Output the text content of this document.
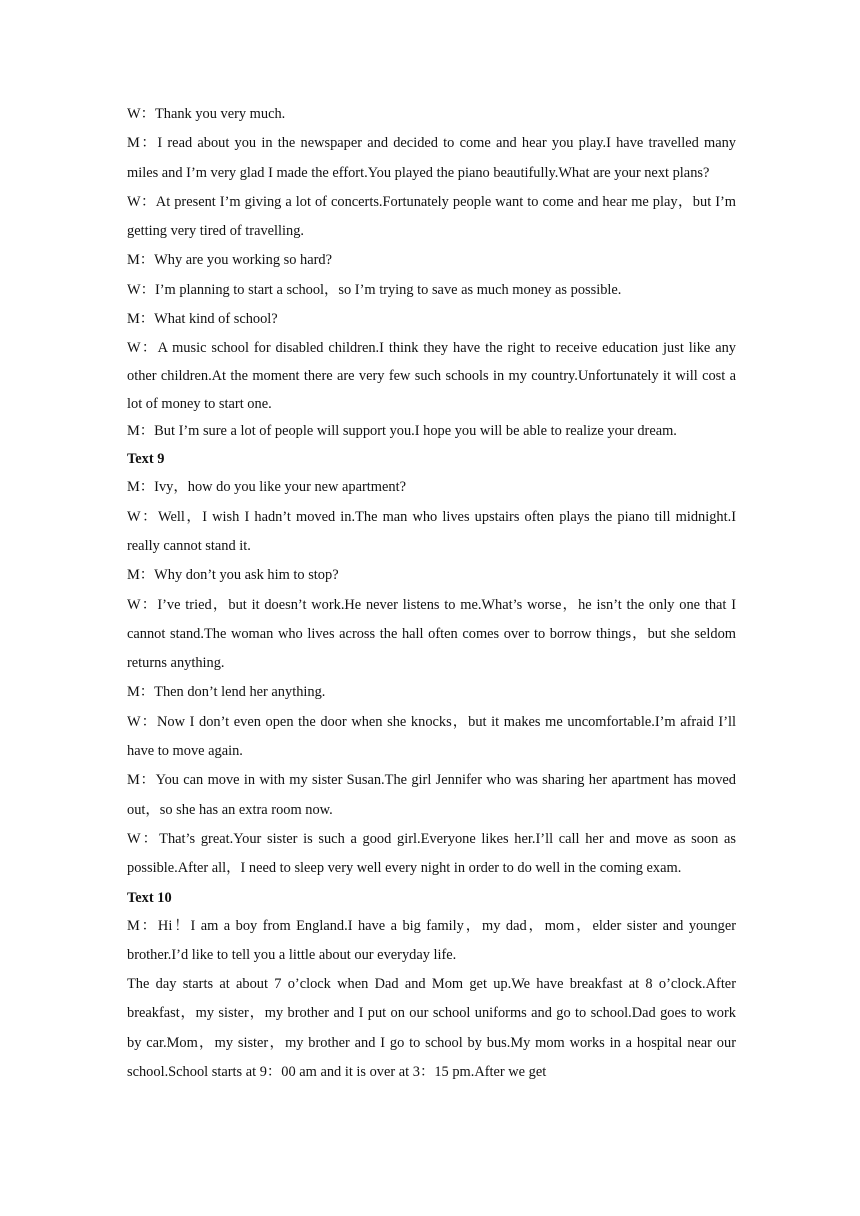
W：Thank you very much.

M：I read about you in the newspaper and decided to come and hear you play.I have travelled many miles and I’m very glad I made the effort.You played the piano beautifully.What are your next plans?

W：At present I’m giving a lot of concerts.Fortunately people want to come and hear me play，but I’m getting very tired of travelling.

M：Why are you working so hard?

W：I’m planning to start a school，so I’m trying to save as much money as possible.

M：What kind of school?

W：A music school for disabled children.I think they have the right to receive education just like any other children.At the moment there are very few such schools in my country.Unfortunately it will cost a lot of money to start one.

M：But I’m sure a lot of people will support you.I hope you will be able to realize your dream.

Text 9

M：Ivy，how do you like your new apartment?

W：Well，I wish I hadn’t moved in.The man who lives upstairs often plays the piano till midnight.I really cannot stand it.

M：Why don’t you ask him to stop?

W：I’ve tried，but it doesn’t work.He never listens to me.What’s worse，he isn’t the only one that I cannot stand.The woman who lives across the hall often comes over to borrow things，but she seldom returns anything.

M：Then don’t lend her anything.

W：Now I don’t even open the door when she knocks，but it makes me uncomfortable.I’m afraid I’ll have to move again.

M：You can move in with my sister Susan.The girl Jennifer who was sharing her apartment has moved out，so she has an extra room now.

W：That’s great.Your sister is such a good girl.Everyone likes her.I’ll call her and move as soon as possible.After all，I need to sleep very well every night in order to do well in the coming exam.

Text 10

M：Hi！I am a boy from England.I have a big family，my dad，mom，elder sister and younger brother.I’d like to tell you a little about our everyday life.

The day starts at about 7 o’clock when Dad and Mom get up.We have breakfast at 8 o’clock.After breakfast，my sister，my brother and I put on our school uniforms and go to school.Dad goes to work by car.Mom，my sister，my brother and I go to school by bus.My mom works in a hospital near our school.School starts at 9：00 am and it is over at 3：15 pm.After we get
